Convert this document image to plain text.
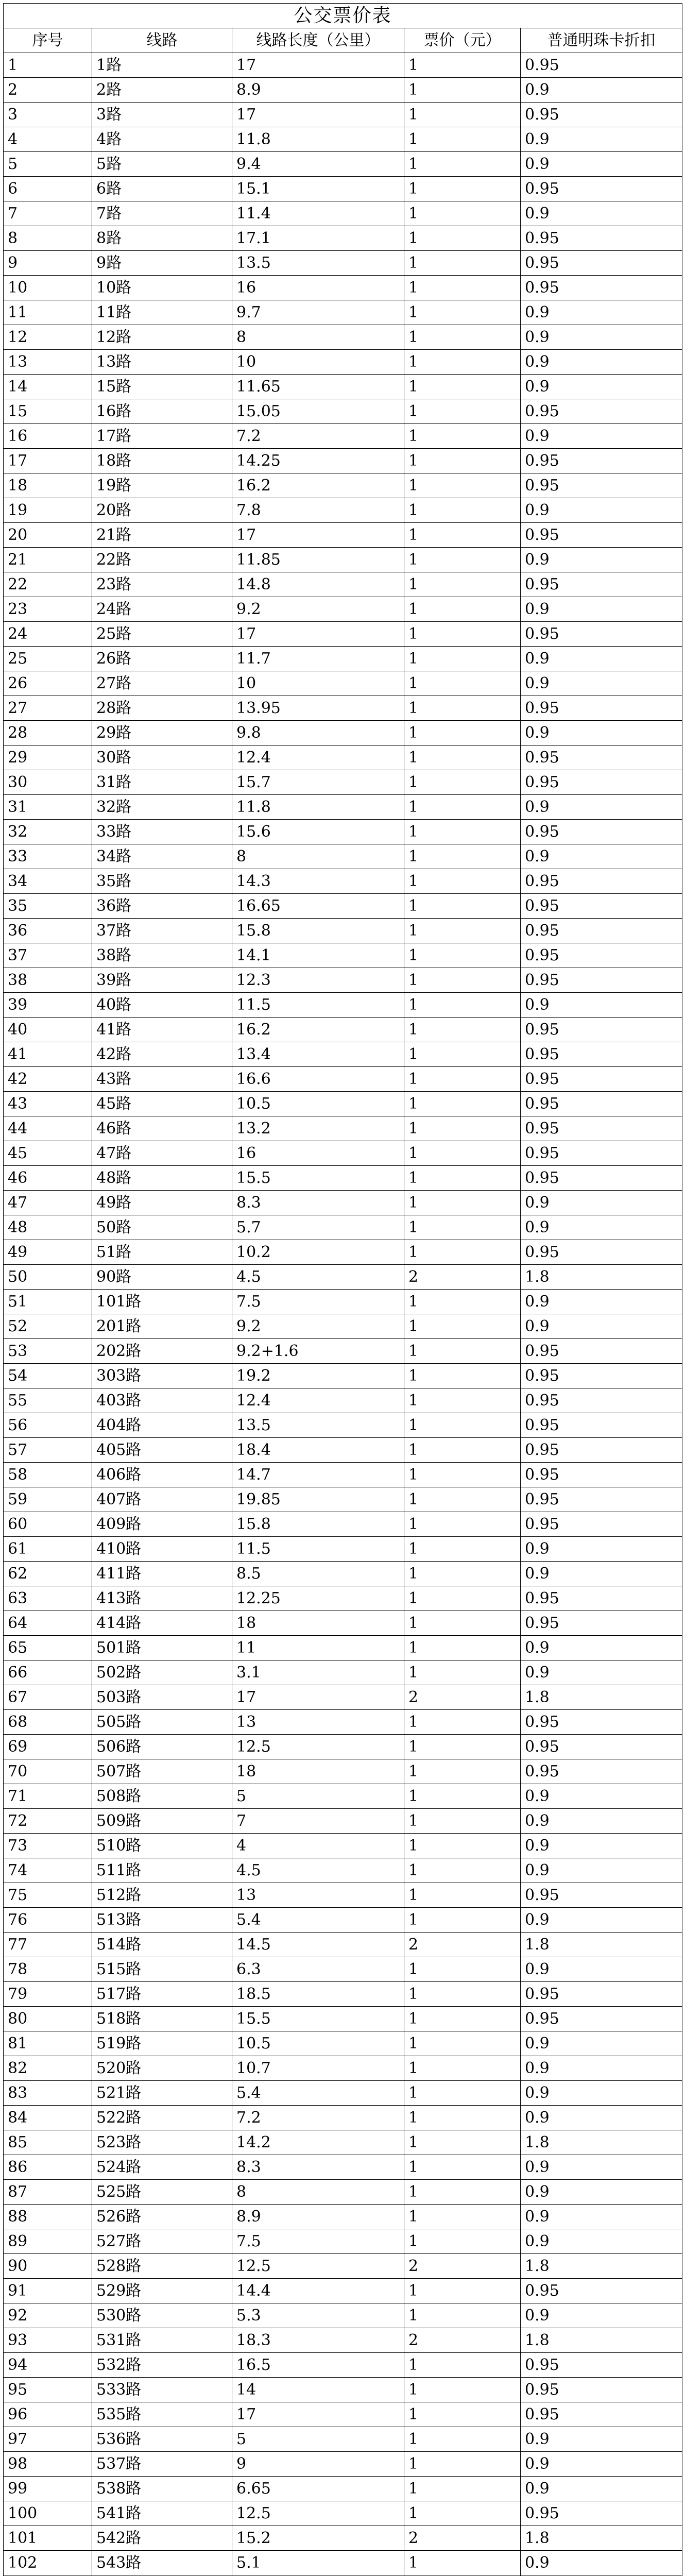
公交票价表				
序号	线路	线路长度（公里）	票价（元）	普通明珠卡折扣
1	1路	17	1	0.95
2	2路	8.9	1	0.9
3	3路	17	1	0.95
4	4路	11.8	1	0.9
5	5路	9.4	1	0.9
6	6路	15.1	1	0.95
7	7路	11.4	1	0.9
8	8路	17.1	1	0.95
9	9路	13.5	1	0.95
10	10路	16	1	0.95
11	11路	9.7	1	0.9
12	12路	8	1	0.9
13	13路	10	1	0.9
14	15路	11.65	1	0.9
15	16路	15.05	1	0.95
16	17路	7.2	1	0.9
17	18路	14.25	1	0.95
18	19路	16.2	1	0.95
19	20路	7.8	1	0.9
20	21路	17	1	0.95
21	22路	11.85	1	0.9
22	23路	14.8	1	0.95
23	24路	9.2	1	0.9
24	25路	17	1	0.95
25	26路	11.7	1	0.9
26	27路	10	1	0.9
27	28路	13.95	1	0.95
28	29路	9.8	1	0.9
29	30路	12.4	1	0.95
30	31路	15.7	1	0.95
31	32路	11.8	1	0.9
32	33路	15.6	1	0.95
33	34路	8	1	0.9
34	35路	14.3	1	0.95
35	36路	16.65	1	0.95
36	37路	15.8	1	0.95
37	38路	14.1	1	0.95
38	39路	12.3	1	0.95
39	40路	11.5	1	0.9
40	41路	16.2	1	0.95
41	42路	13.4	1	0.95
42	43路	16.6	1	0.95
43	45路	10.5	1	0.95
44	46路	13.2	1	0.95
45	47路	16	1	0.95
46	48路	15.5	1	0.95
47	49路	8.3	1	0.9
48	50路	5.7	1	0.9
49	51路	10.2	1	0.95
50	90路	4.5	2	1.8
51	101路	7.5	1	0.9
52	201路	9.2	1	0.9
53	202路	9.2+1.6	1	0.95
54	303路	19.2	1	0.95
55	403路	12.4	1	0.95
56	404路	13.5	1	0.95
57	405路	18.4	1	0.95
58	406路	14.7	1	0.95
59	407路	19.85	1	0.95
60	409路	15.8	1	0.95
61	410路	11.5	1	0.9
62	411路	8.5	1	0.9
63	413路	12.25	1	0.95
64	414路	18	1	0.95
65	501路	11	1	0.9
66	502路	3.1	1	0.9
67	503路	17	2	1.8
68	505路	13	1	0.95
69	506路	12.5	1	0.95
70	507路	18	1	0.95
71	508路	5	1	0.9
72	509路	7	1	0.9
73	510路	4	1	0.9
74	511路	4.5	1	0.9
75	512路	13	1	0.95
76	513路	5.4	1	0.9
77	514路	14.5	2	1.8
78	515路	6.3	1	0.9
79	517路	18.5	1	0.95
80	518路	15.5	1	0.95
81	519路	10.5	1	0.9
82	520路	10.7	1	0.9
83	521路	5.4	1	0.9
84	522路	7.2	1	0.9
85	523路	14.2	1	1.8
86	524路	8.3	1	0.9
87	525路	8	1	0.9
88	526路	8.9	1	0.9
89	527路	7.5	1	0.9
90	528路	12.5	2	1.8
91	529路	14.4	1	0.95
92	530路	5.3	1	0.9
93	531路	18.3	2	1.8
94	532路	16.5	1	0.95
95	533路	14	1	0.95
96	535路	17	1	0.95
97	536路	5	1	0.9
98	537路	9	1	0.9
99	538路	6.65	1	0.9
100	541路	12.5	1	0.95
101	542路	15.2	2	1.8
102	543路	5.1	1	0.9
